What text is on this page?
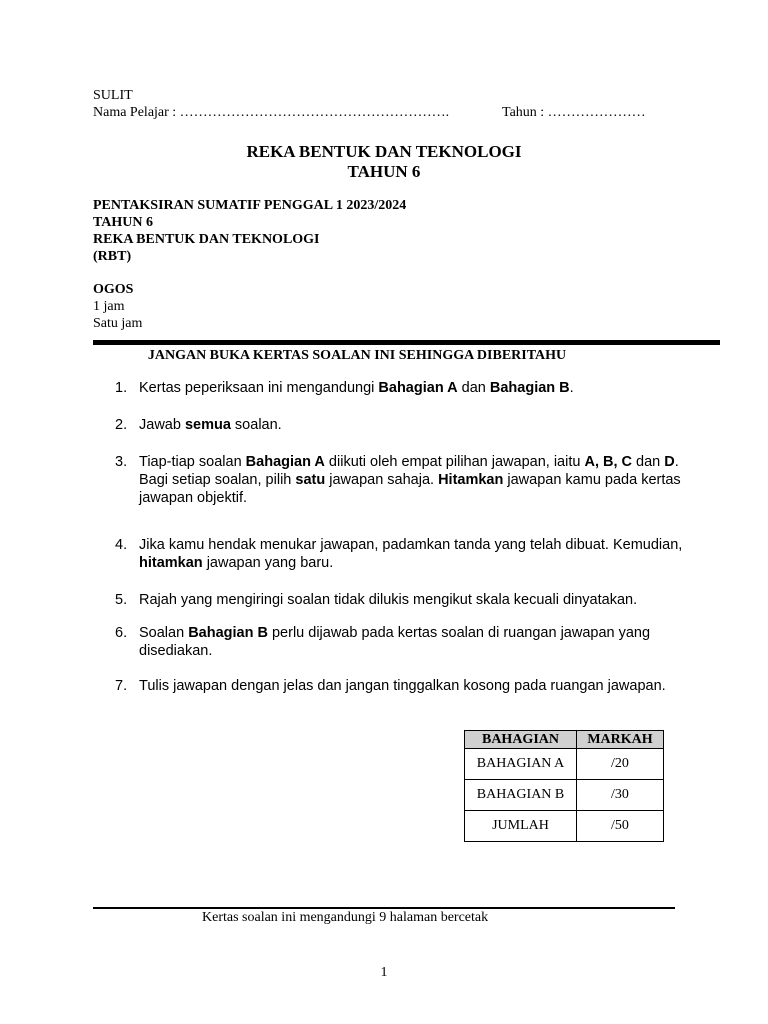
SULIT
Nama Pelajar : ………………………………………………….	Tahun : …………………
REKA BENTUK DAN TEKNOLOGI
TAHUN 6
PENTAKSIRAN SUMATIF PENGGAL 1 2023/2024
TAHUN 6
REKA BENTUK DAN TEKNOLOGI
(RBT)
OGOS
1 jam
Satu jam
JANGAN BUKA KERTAS SOALAN INI SEHINGGA DIBERITAHU
1. Kertas peperiksaan ini mengandungi Bahagian A dan Bahagian B.
2. Jawab semua soalan.
3. Tiap-tiap soalan Bahagian A diikuti oleh empat pilihan jawapan, iaitu A, B, C dan D. Bagi setiap soalan, pilih satu jawapan sahaja. Hitamkan jawapan kamu pada kertas jawapan objektif.
4. Jika kamu hendak menukar jawapan, padamkan tanda yang telah dibuat. Kemudian, hitamkan jawapan yang baru.
5. Rajah yang mengiringi soalan tidak dilukis mengikut skala kecuali dinyatakan.
6. Soalan Bahagian B perlu dijawab pada kertas soalan di ruangan jawapan yang disediakan.
7. Tulis jawapan dengan jelas dan jangan tinggalkan kosong pada ruangan jawapan.
BAHAGIAN	MARKAH
BAHAGIAN A	/20
BAHAGIAN B	/30
JUMLAH	/50
Kertas soalan ini mengandungi 9 halaman bercetak
1
